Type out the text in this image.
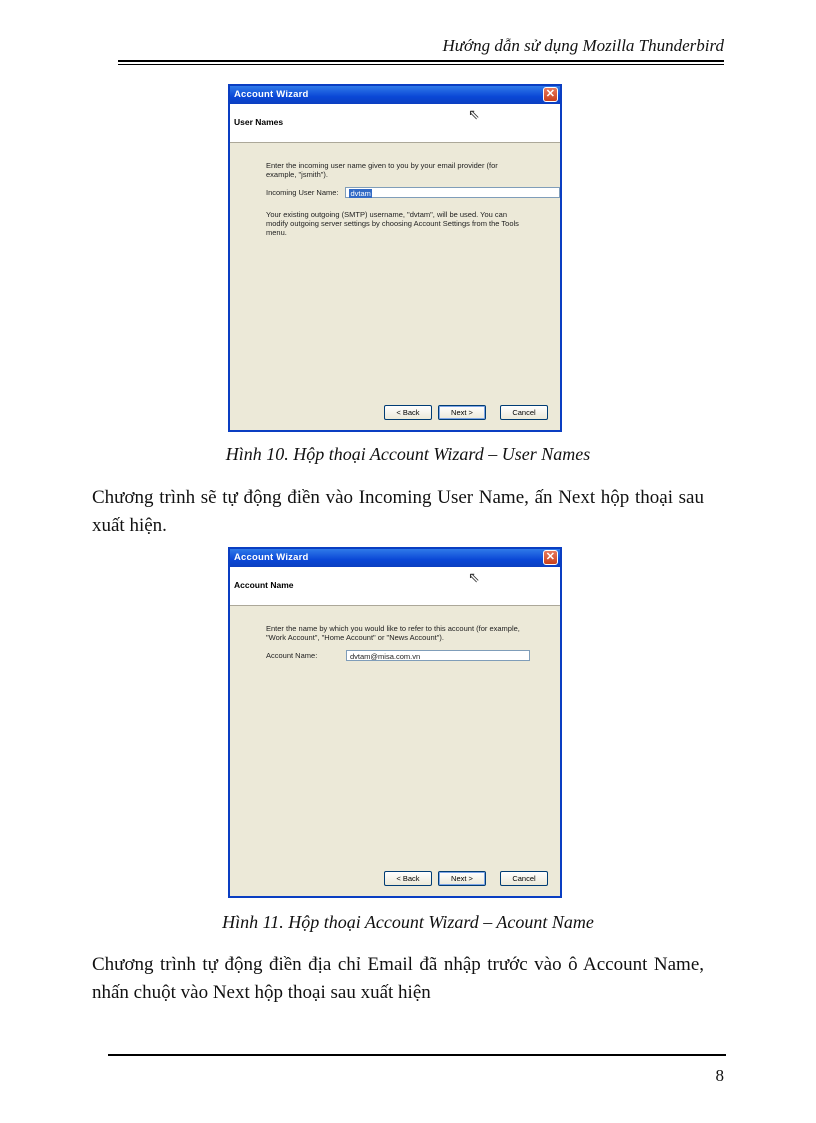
Hướng dẫn sử dụng Mozilla Thunderbird
Account Wizard	✕
User Names	⇖
Enter the incoming user name given to you by your email provider (for example, "jsmith").
Incoming User Name:	dvtam
Your existing outgoing (SMTP) username, "dvtam", will be used. You can modify outgoing server settings by choosing Account Settings from the Tools menu.
< Back	Next >	Cancel
Hình 10. Hộp thoại Account Wizard – User Names
Chương trình sẽ tự động điền vào Incoming User Name, ấn Next hộp thoại sau xuất hiện.
Account Wizard	✕
Account Name	⇖
Enter the name by which you would like to refer to this account (for example, "Work Account", "Home Account" or "News Account").
Account Name:	dvtam@misa.com.vn
< Back	Next >	Cancel
Hình 11. Hộp thoại Account Wizard – Acount Name
Chương trình tự động điền địa chỉ Email đã nhập trước vào ô Account Name, nhấn chuột vào Next hộp thoại sau xuất hiện
8
